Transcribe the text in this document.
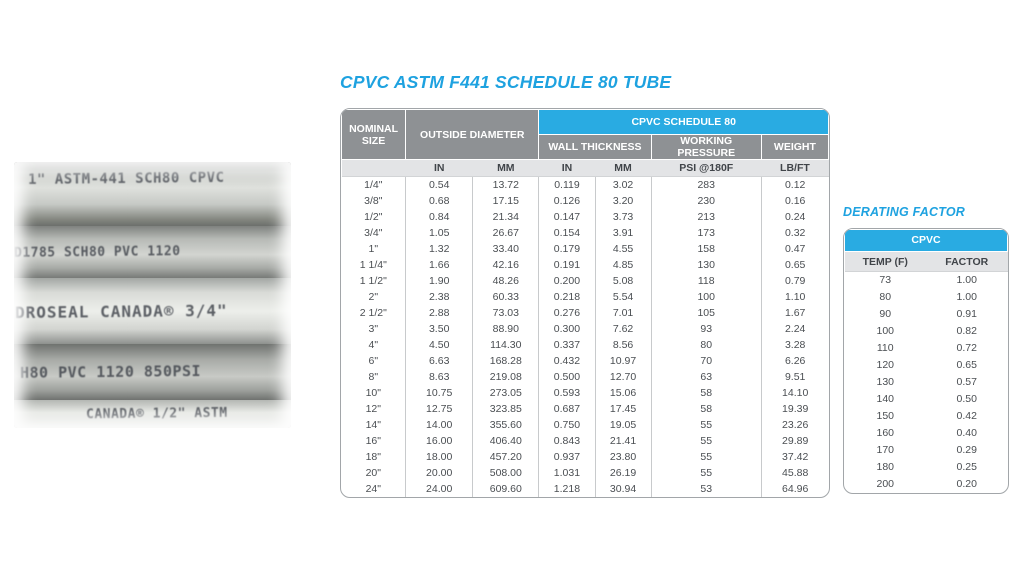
1" ASTM-441 SCH80 CPVC
D1785 SCH80 PVC 1120
DROSEAL CANADA® 3/4"
H80 PVC 1120 850PSI
CANADA® 1/2" ASTM
CPVC ASTM F441 SCHEDULE 80 TUBE
NOMINAL SIZE	OUTSIDE DIAMETER		CPVC SCHEDULE 80			
			WALL THICKNESS		WORKING PRESSURE	WEIGHT
	IN	MM	IN	MM	PSI @180F	LB/FT
1/4"	0.54	13.72	0.119	3.02	283	0.12
3/8"	0.68	17.15	0.126	3.20	230	0.16
1/2"	0.84	21.34	0.147	3.73	213	0.24
3/4"	1.05	26.67	0.154	3.91	173	0.32
1"	1.32	33.40	0.179	4.55	158	0.47
1 1/4"	1.66	42.16	0.191	4.85	130	0.65
1 1/2"	1.90	48.26	0.200	5.08	118	0.79
2"	2.38	60.33	0.218	5.54	100	1.10
2 1/2"	2.88	73.03	0.276	7.01	105	1.67
3"	3.50	88.90	0.300	7.62	93	2.24
4"	4.50	114.30	0.337	8.56	80	3.28
6"	6.63	168.28	0.432	10.97	70	6.26
8"	8.63	219.08	0.500	12.70	63	9.51
10"	10.75	273.05	0.593	15.06	58	14.10
12"	12.75	323.85	0.687	17.45	58	19.39
14"	14.00	355.60	0.750	19.05	55	23.26
16"	16.00	406.40	0.843	21.41	55	29.89
18"	18.00	457.20	0.937	23.80	55	37.42
20"	20.00	508.00	1.031	26.19	55	45.88
24"	24.00	609.60	1.218	30.94	53	64.96
DERATING FACTOR
CPVC	
TEMP (F)	FACTOR
73	1.00
80	1.00
90	0.91
100	0.82
110	0.72
120	0.65
130	0.57
140	0.50
150	0.42
160	0.40
170	0.29
180	0.25
200	0.20
